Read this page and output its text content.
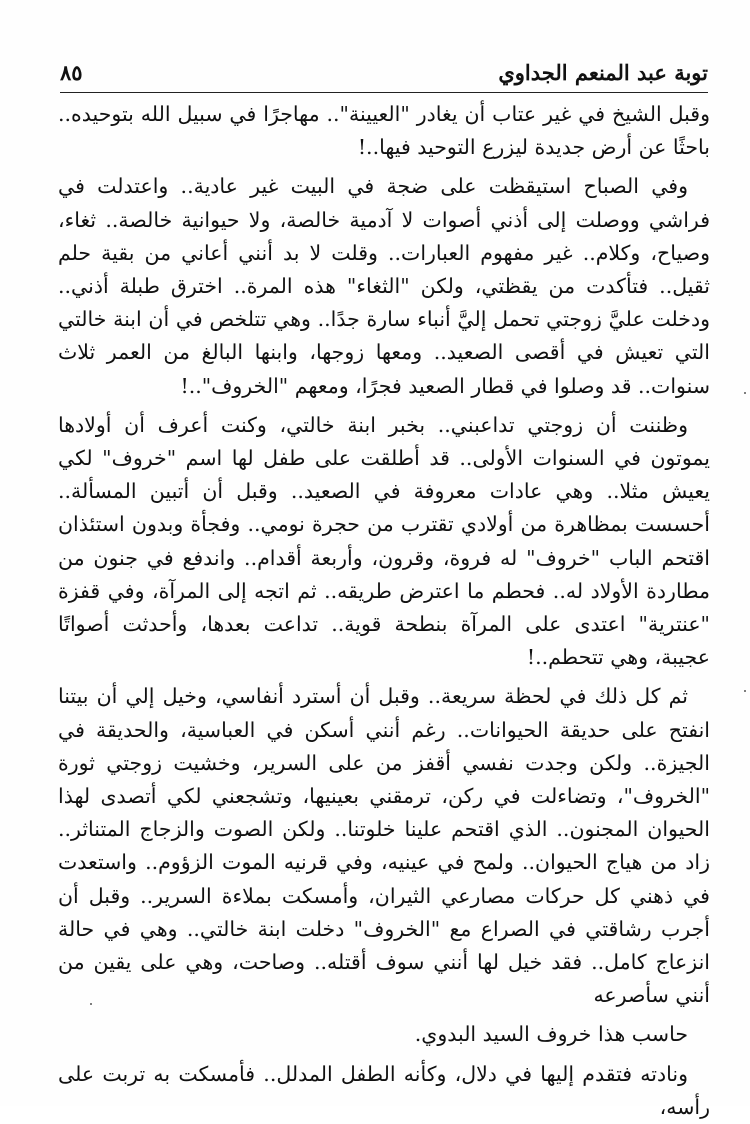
توبة عبد المنعم الجداوي
٨٥

وقبل الشيخ في غير عتاب أن يغادر "العيينة".. مهاجرًا في سبيل الله بتوحيده.. باحثًا عن أرض جديدة ليزرع التوحيد فيها..!

وفي الصباح استيقظت على ضجة في البيت غير عادية.. واعتدلت في فراشي ووصلت إلى أذني أصوات لا آدمية خالصة، ولا حيوانية خالصة.. ثغاء، وصياح، وكلام.. غير مفهوم العبارات.. وقلت لا بد أنني أعاني من بقية حلم ثقيل.. فتأكدت من يقظتي، ولكن "الثغاء" هذه المرة.. اخترق طبلة أذني.. ودخلت عليَّ زوجتي تحمل إليَّ أنباء سارة جدًا.. وهي تتلخص في أن ابنة خالتي التي تعيش في أقصى الصعيد.. ومعها زوجها، وابنها البالغ من العمر ثلاث سنوات.. قد وصلوا في قطار الصعيد فجرًا، ومعهم "الخروف"..!

وظننت أن زوجتي تداعبني.. بخبر ابنة خالتي، وكنت أعرف أن أولادها يموتون في السنوات الأولى.. قد أطلقت على طفل لها اسم "خروف" لكي يعيش مثلا.. وهي عادات معروفة في الصعيد.. وقبل أن أتبين المسألة.. أحسست بمظاهرة من أولادي تقترب من حجرة نومي.. وفجأة وبدون استئذان اقتحم الباب "خروف" له فروة، وقرون، وأربعة أقدام.. واندفع في جنون من مطاردة الأولاد له.. فحطم ما اعترض طريقه.. ثم اتجه إلى المرآة، وفي قفزة "عنترية" اعتدى على المرآة بنطحة قوية.. تداعت بعدها، وأحدثت أصواتًا عجيبة، وهي تتحطم..!

ثم كل ذلك في لحظة سريعة.. وقبل أن أسترد أنفاسي، وخيل إلي أن بيتنا انفتح على حديقة الحيوانات.. رغم أنني أسكن في العباسية، والحديقة في الجيزة.. ولكن وجدت نفسي أقفز من على السرير، وخشيت زوجتي ثورة "الخروف"، وتضاءلت في ركن، ترمقني بعينيها، وتشجعني لكي أتصدى لهذا الحيوان المجنون.. الذي اقتحم علينا خلوتنا.. ولكن الصوت والزجاج المتناثر.. زاد من هياج الحيوان.. ولمح في عينيه، وفي قرنيه الموت الزؤوم.. واستعدت في ذهني كل حركات مصارعي الثيران، وأمسكت بملاءة السرير.. وقبل أن أجرب رشاقتي في الصراع مع "الخروف" دخلت ابنة خالتي.. وهي في حالة انزعاج كامل.. فقد خيل لها أنني سوف أقتله.. وصاحت، وهي على يقين من أنني سأصرعه

حاسب هذا خروف السيد البدوي.

ونادته فتقدم إليها في دلال، وكأنه الطفل المدلل.. فأمسكت به تربت على رأسه،
